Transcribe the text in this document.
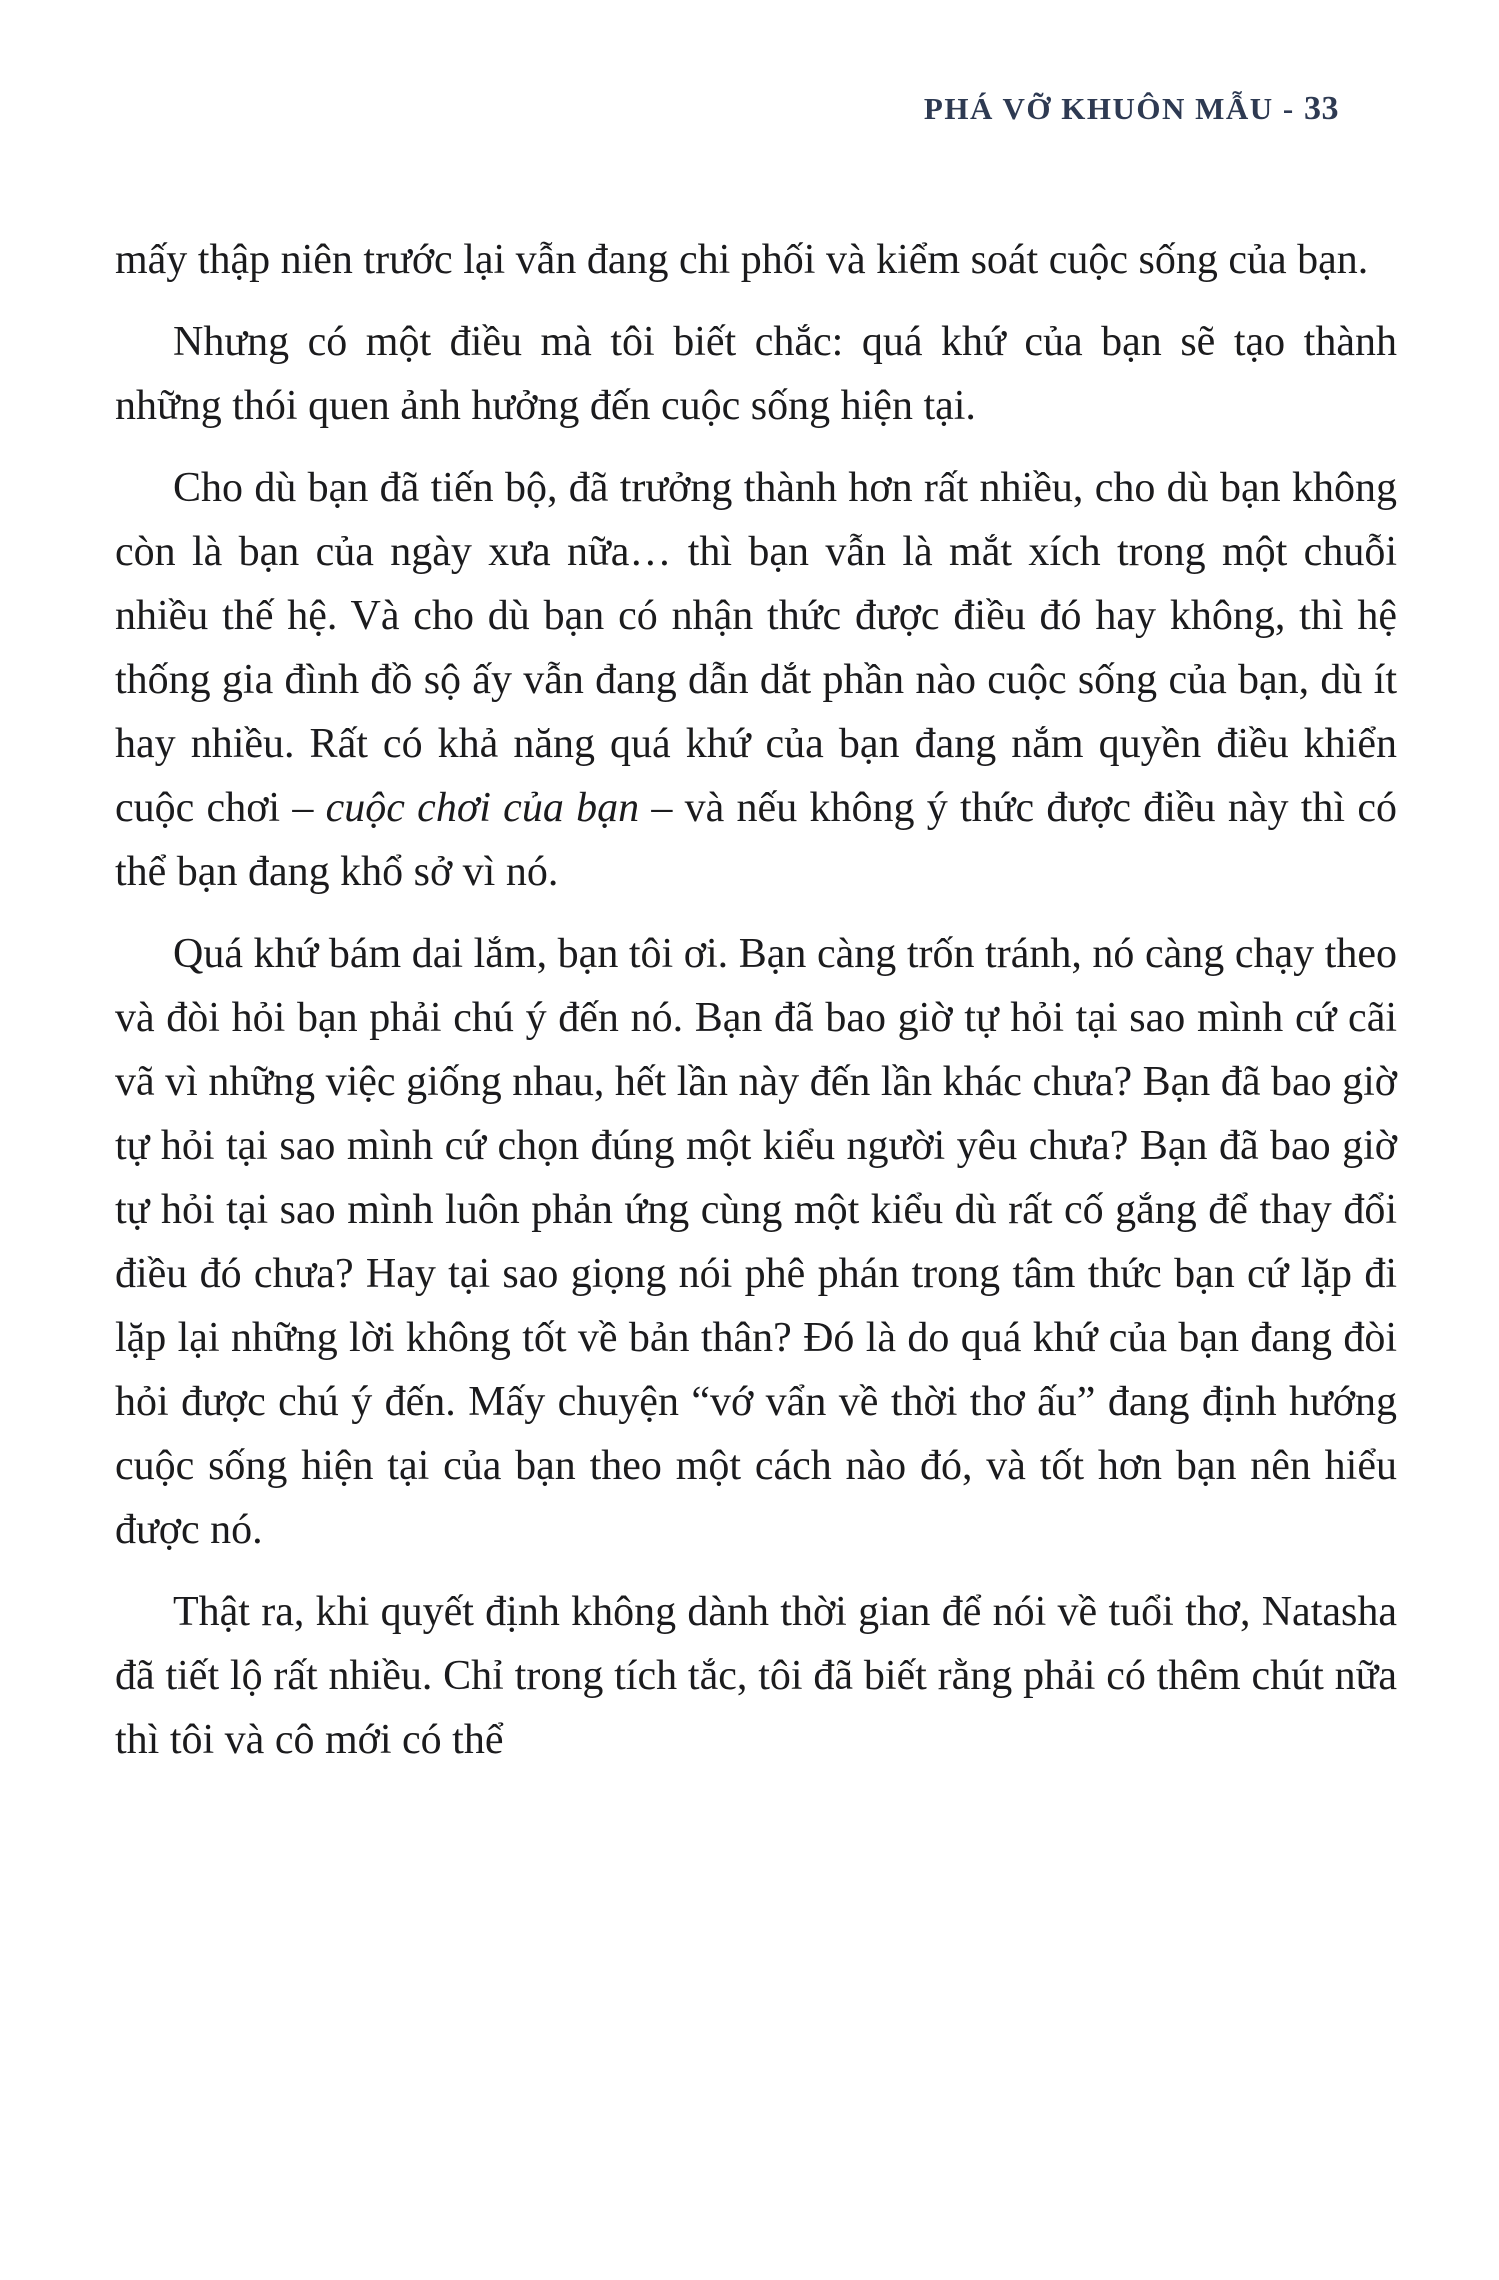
PHÁ VỠ KHUÔN MẪU - 33

mấy thập niên trước lại vẫn đang chi phối và kiểm soát cuộc sống của bạn.

Nhưng có một điều mà tôi biết chắc: quá khứ của bạn sẽ tạo thành những thói quen ảnh hưởng đến cuộc sống hiện tại.

Cho dù bạn đã tiến bộ, đã trưởng thành hơn rất nhiều, cho dù bạn không còn là bạn của ngày xưa nữa… thì bạn vẫn là mắt xích trong một chuỗi nhiều thế hệ. Và cho dù bạn có nhận thức được điều đó hay không, thì hệ thống gia đình đồ sộ ấy vẫn đang dẫn dắt phần nào cuộc sống của bạn, dù ít hay nhiều. Rất có khả năng quá khứ của bạn đang nắm quyền điều khiển cuộc chơi – cuộc chơi của bạn – và nếu không ý thức được điều này thì có thể bạn đang khổ sở vì nó.

Quá khứ bám dai lắm, bạn tôi ơi. Bạn càng trốn tránh, nó càng chạy theo và đòi hỏi bạn phải chú ý đến nó. Bạn đã bao giờ tự hỏi tại sao mình cứ cãi vã vì những việc giống nhau, hết lần này đến lần khác chưa? Bạn đã bao giờ tự hỏi tại sao mình cứ chọn đúng một kiểu người yêu chưa? Bạn đã bao giờ tự hỏi tại sao mình luôn phản ứng cùng một kiểu dù rất cố gắng để thay đổi điều đó chưa? Hay tại sao giọng nói phê phán trong tâm thức bạn cứ lặp đi lặp lại những lời không tốt về bản thân? Đó là do quá khứ của bạn đang đòi hỏi được chú ý đến. Mấy chuyện “vớ vẩn về thời thơ ấu” đang định hướng cuộc sống hiện tại của bạn theo một cách nào đó, và tốt hơn bạn nên hiểu được nó.

Thật ra, khi quyết định không dành thời gian để nói về tuổi thơ, Natasha đã tiết lộ rất nhiều. Chỉ trong tích tắc, tôi đã biết rằng phải có thêm chút nữa thì tôi và cô mới có thể
